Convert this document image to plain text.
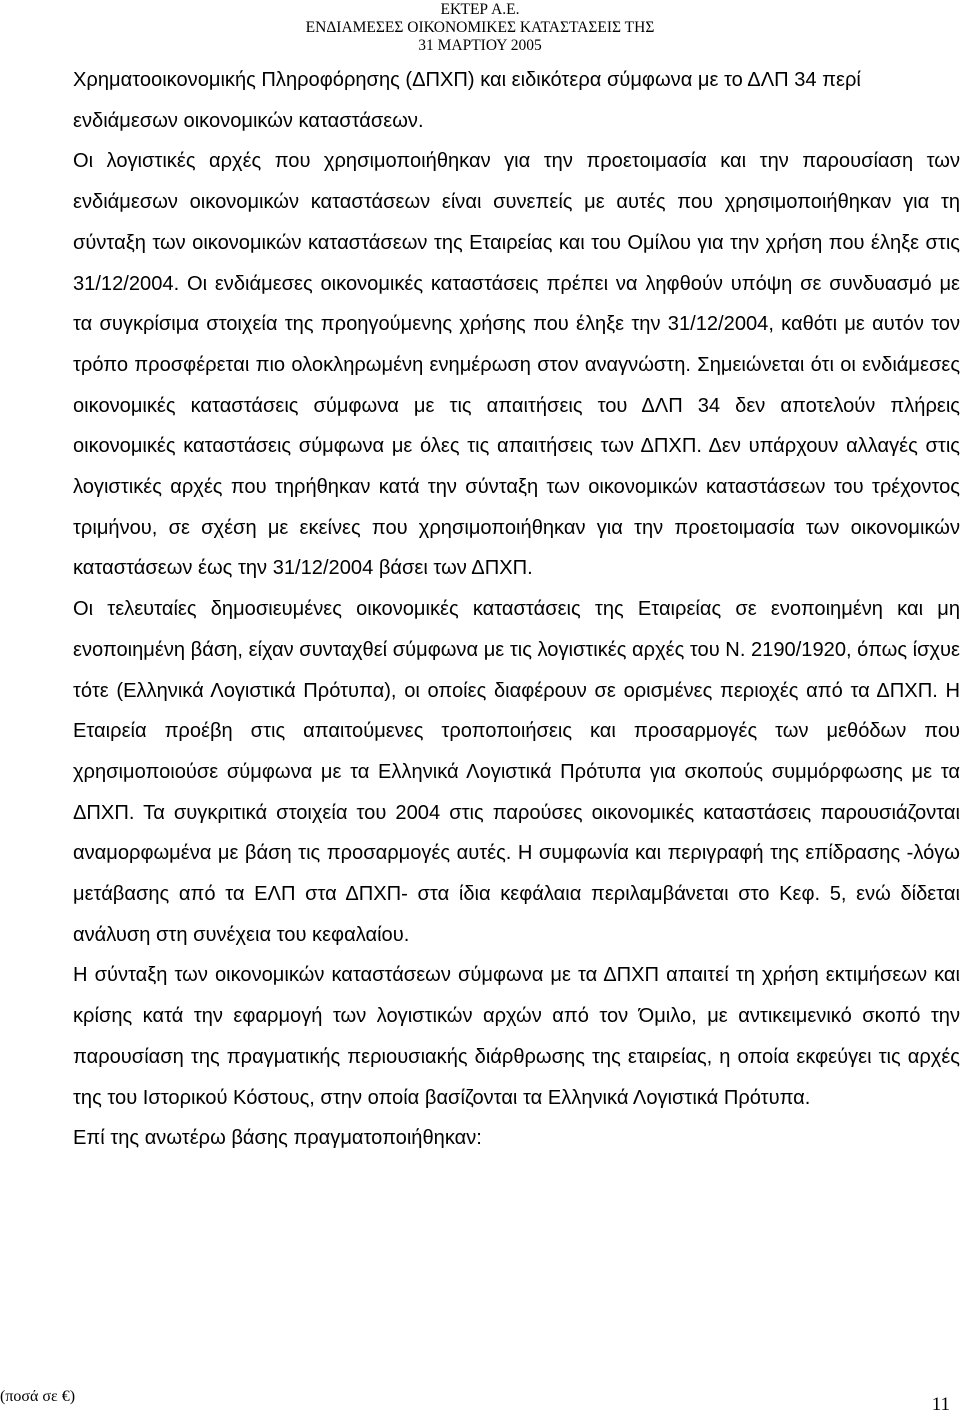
ΕΚΤΕΡ Α.Ε.
ΕΝΔΙΑΜΕΣΕΣ ΟΙΚΟΝΟΜΙΚΕΣ ΚΑΤΑΣΤΑΣΕΙΣ ΤΗΣ
31 ΜΑΡΤΙΟΥ 2005

Χρηματοοικονομικής Πληροφόρησης (ΔΠΧΠ) και ειδικότερα σύμφωνα με το ΔΛΠ 34 περί ενδιάμεσων οικονομικών καταστάσεων.

Οι λογιστικές αρχές που χρησιμοποιήθηκαν για την προετοιμασία και την παρουσίαση των ενδιάμεσων οικονομικών καταστάσεων είναι συνεπείς με αυτές που χρησιμοποιήθηκαν για τη σύνταξη των οικονομικών καταστάσεων της Εταιρείας και του Ομίλου για την χρήση που έληξε στις 31/12/2004. Οι ενδιάμεσες οικονομικές καταστάσεις πρέπει να ληφθούν υπόψη σε συνδυασμό με τα συγκρίσιμα στοιχεία της προηγούμενης χρήσης που έληξε την 31/12/2004, καθότι με αυτόν τον τρόπο προσφέρεται πιο ολοκληρωμένη ενημέρωση στον αναγνώστη. Σημειώνεται ότι οι ενδιάμεσες οικονομικές καταστάσεις σύμφωνα με τις απαιτήσεις του ΔΛΠ 34 δεν αποτελούν πλήρεις οικονομικές καταστάσεις σύμφωνα με όλες τις απαιτήσεις των ΔΠΧΠ. Δεν υπάρχουν αλλαγές στις λογιστικές αρχές που τηρήθηκαν κατά την σύνταξη των οικονομικών καταστάσεων του τρέχοντος τριμήνου, σε σχέση με εκείνες που χρησιμοποιήθηκαν για την προετοιμασία των οικονομικών καταστάσεων έως την 31/12/2004 βάσει των ΔΠΧΠ.

Οι τελευταίες δημοσιευμένες οικονομικές καταστάσεις της Εταιρείας σε ενοποιημένη και μη ενοποιημένη βάση, είχαν συνταχθεί σύμφωνα με τις λογιστικές αρχές του Ν. 2190/1920, όπως ίσχυε τότε (Ελληνικά Λογιστικά Πρότυπα), οι οποίες διαφέρουν σε ορισμένες περιοχές από τα ΔΠΧΠ. Η Εταιρεία προέβη στις απαιτούμενες τροποποιήσεις και προσαρμογές των μεθόδων που χρησιμοποιούσε σύμφωνα με τα Ελληνικά Λογιστικά Πρότυπα για σκοπούς συμμόρφωσης με τα ΔΠΧΠ. Τα συγκριτικά στοιχεία του 2004 στις παρούσες οικονομικές καταστάσεις παρουσιάζονται αναμορφωμένα με βάση τις προσαρμογές αυτές. Η συμφωνία και περιγραφή της επίδρασης -λόγω μετάβασης από τα ΕΛΠ στα ΔΠΧΠ- στα ίδια κεφάλαια περιλαμβάνεται στο Κεφ. 5, ενώ δίδεται ανάλυση στη συνέχεια του κεφαλαίου.

Η σύνταξη των οικονομικών καταστάσεων σύμφωνα με τα ΔΠΧΠ απαιτεί τη χρήση εκτιμήσεων και κρίσης κατά την εφαρμογή των λογιστικών αρχών από τον Όμιλο, με αντικειμενικό σκοπό την παρουσίαση της πραγματικής περιουσιακής διάρθρωσης της εταιρείας, η οποία εκφεύγει τις αρχές της του Ιστορικού Κόστους, στην οποία βασίζονται τα Ελληνικά Λογιστικά Πρότυπα.

Επί της ανωτέρω βάσης πραγματοποιήθηκαν:

(ποσά σε €)	11
